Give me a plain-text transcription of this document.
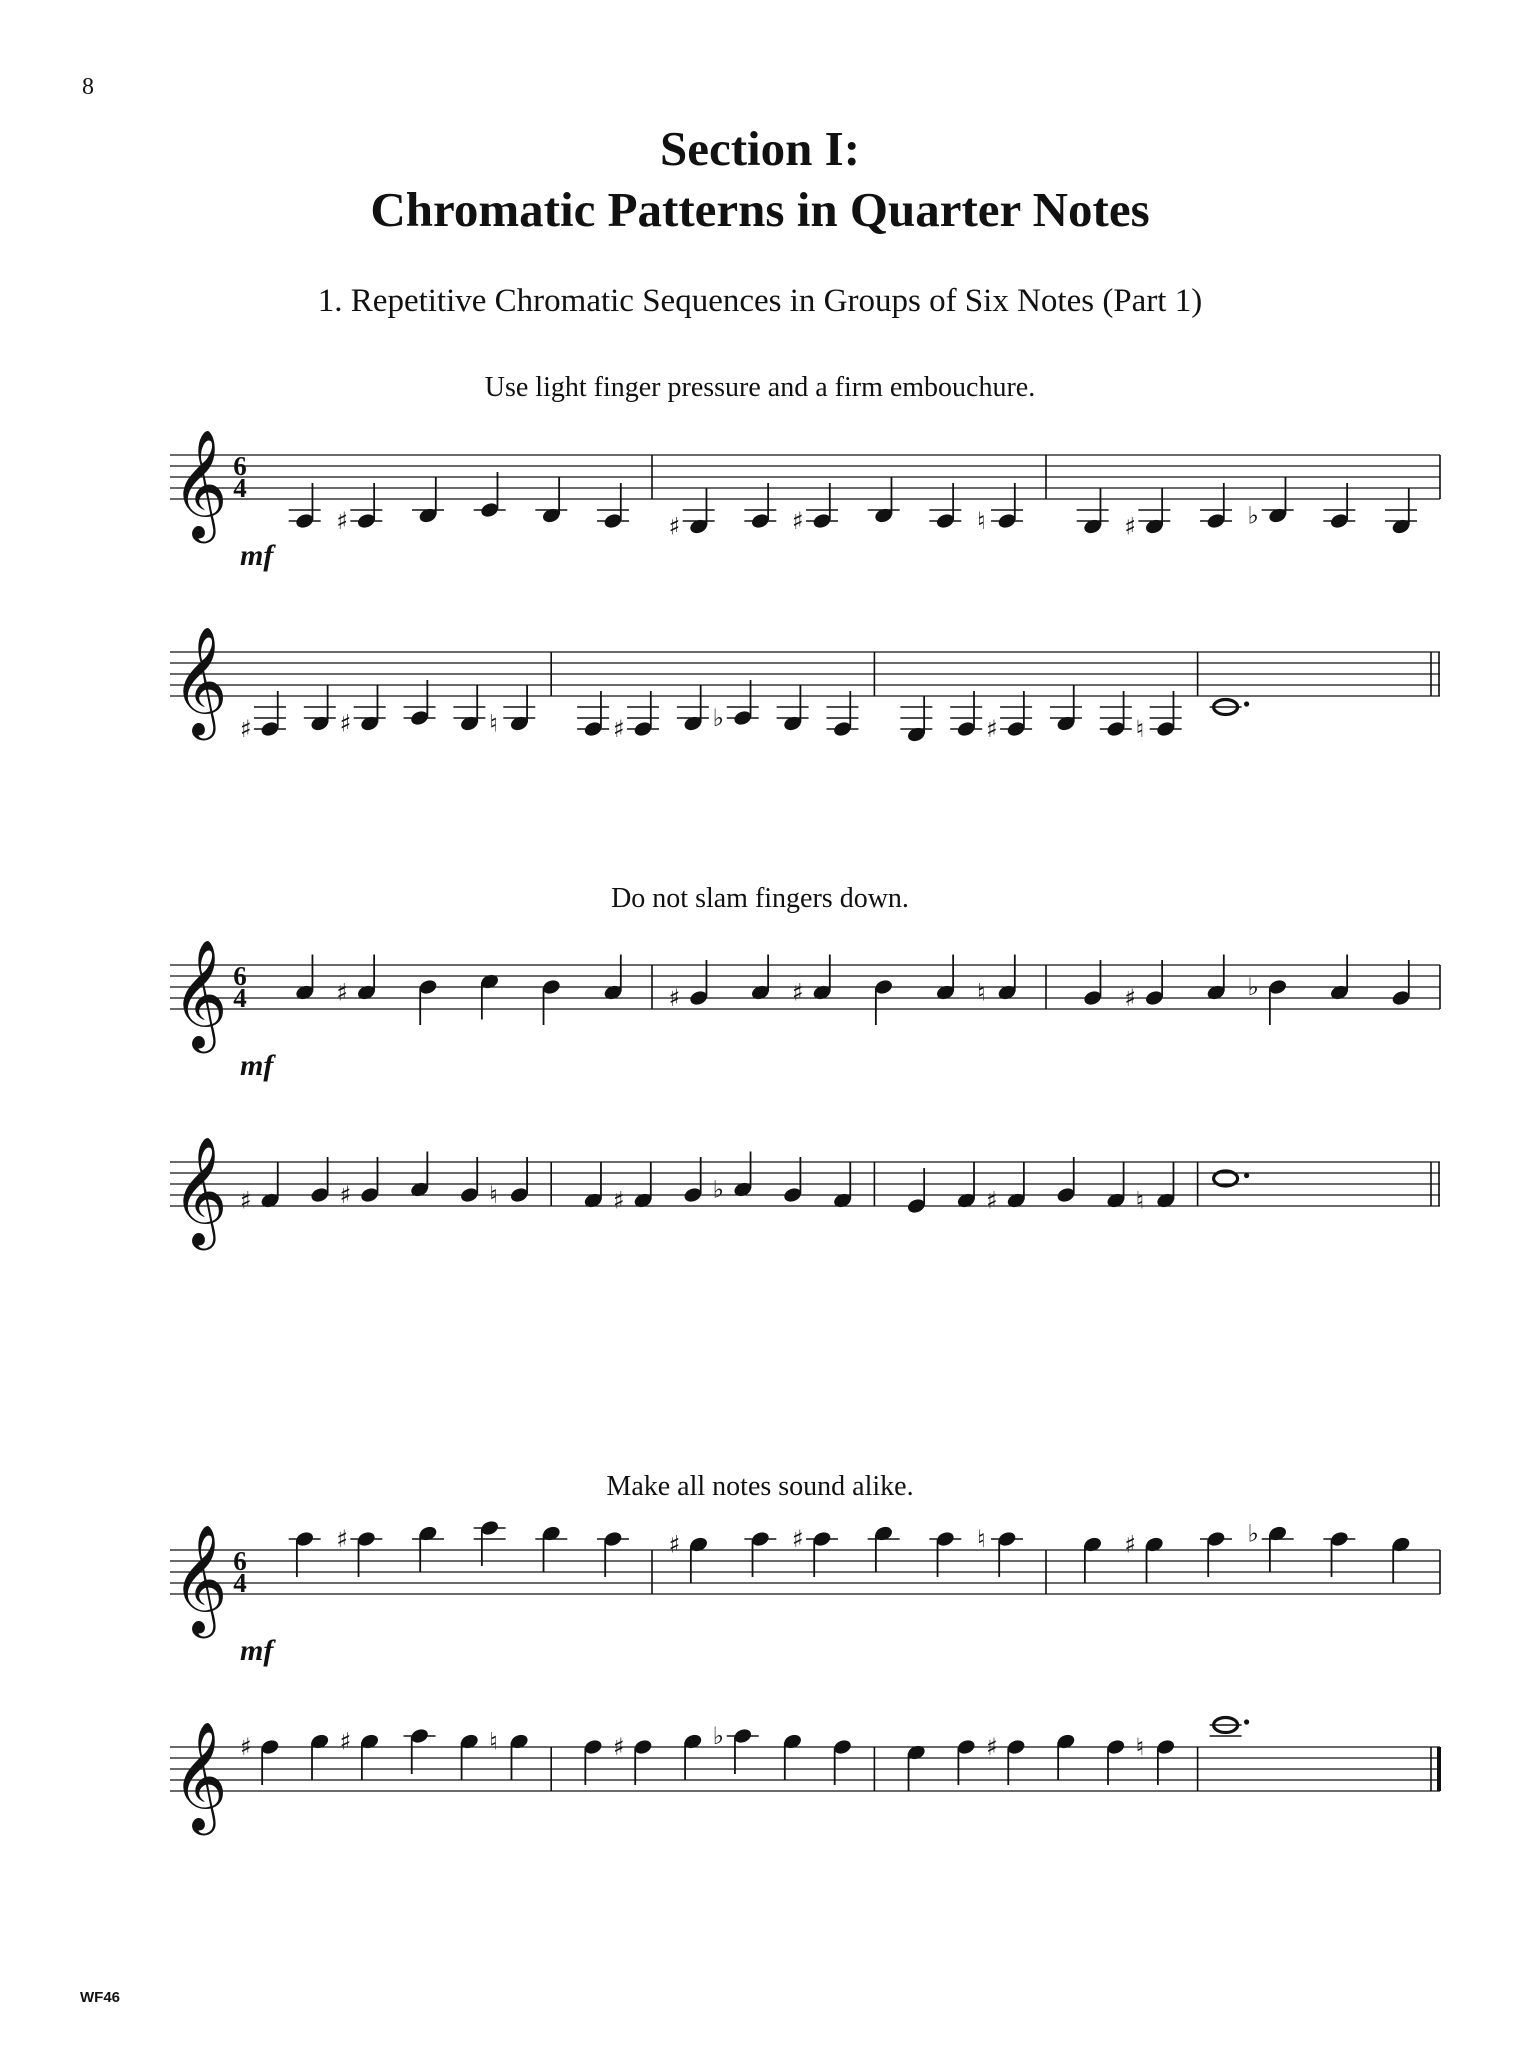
8
Section I:
Chromatic Patterns in Quarter Notes
1. Repetitive Chromatic Sequences in Groups of Six Notes (Part 1)
Use light finger pressure and a firm embouchure.
Do not slam fingers down.
Make all notes sound alike.
𝄞 6
4
mf
♯	♯	♯	♮	♯	♭
𝄞 ♯	♯	♮	♯	♭	♯	♮
𝄞 6
4
mf
♯	♯	♯	♮	♯	♭
𝄞 ♯	♯	♮	♯	♭	♯	♮
𝄞 6
4
mf
♯	♯	♯	♮	♯	♭
𝄞 ♯	♯	♮	♯	♭	♯	♮
WF46
